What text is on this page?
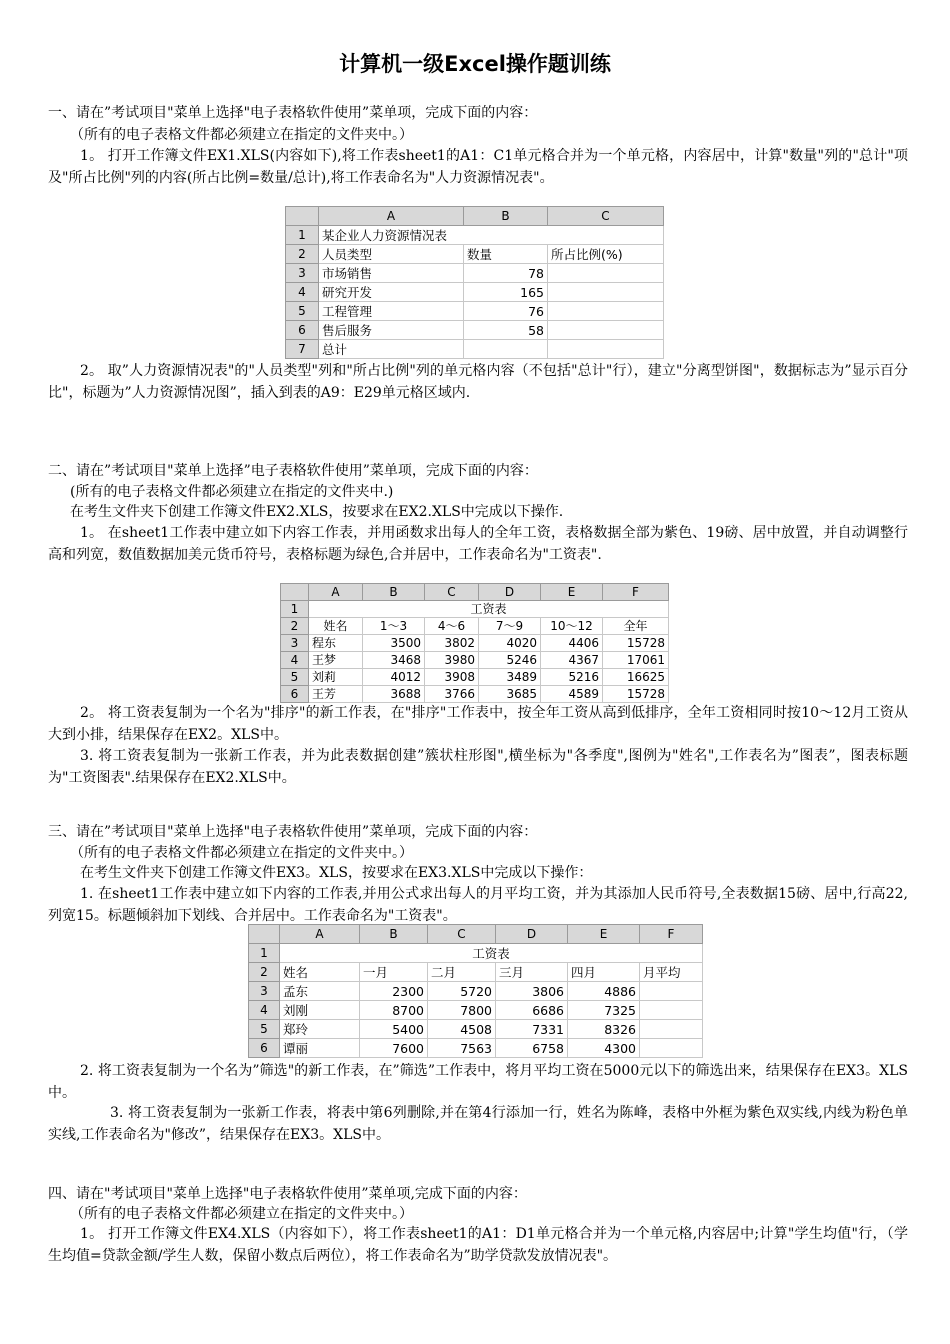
计算机一级Excel操作题训练
一、请在”考试项目"菜单上选择"电子表格软件使用”菜单项，完成下面的内容：
（所有的电子表格文件都必须建立在指定的文件夹中。）
1。 打开工作簿文件EX1.XLS(内容如下),将工作表sheet1的A1：C1单元格合并为一个单元格，内容居中，计算"数量"列的"总计"项及"所占比例"列的内容(所占比例=数量/总计),将工作表命名为"人力资源情况表"。
	A	B	C
1	某企业人力资源情况表		
2	人员类型	数量	所占比例(%)
3	市场销售	78	
4	研究开发	165	
5	工程管理	76	
6	售后服务	58	
7	总计		
2。 取”人力资源情况表"的"人员类型"列和"所占比例"列的单元格内容（不包括"总计"行），建立"分离型饼图"，数据标志为”显示百分比"，标题为”人力资源情况图”，插入到表的A9：E29单元格区域内.
二、请在”考试项目"菜单上选择”电子表格软件使用”菜单项，完成下面的内容：
(所有的电子表格文件都必须建立在指定的文件夹中.)
在考生文件夹下创建工作簿文件EX2.XLS，按要求在EX2.XLS中完成以下操作.
1。 在sheet1工作表中建立如下内容工作表，并用函数求出每人的全年工资，表格数据全部为紫色、19磅、居中放置，并自动调整行高和列宽，数值数据加美元货币符号，表格标题为绿色,合并居中，工作表命名为"工资表".
	A	B	C	D	E	F
1	工资表					
2	姓名	1～3	4～6	7～9	10～12	全年
3	程东	3500	3802	4020	4406	15728
4	王梦	3468	3980	5246	4367	17061
5	刘莉	4012	3908	3489	5216	16625
6	王芳	3688	3766	3685	4589	15728
2。 将工资表复制为一个名为"排序"的新工作表，在"排序"工作表中，按全年工资从高到低排序，全年工资相同时按10～12月工资从大到小排，结果保存在EX2。XLS中。
3. 将工资表复制为一张新工作表，并为此表数据创建”簇状柱形图",横坐标为"各季度",图例为"姓名",工作表名为”图表”，图表标题为"工资图表".结果保存在EX2.XLS中。
三、请在”考试项目"菜单上选择"电子表格软件使用”菜单项，完成下面的内容：
（所有的电子表格文件都必须建立在指定的文件夹中。）
在考生文件夹下创建工作簿文件EX3。XLS，按要求在EX3.XLS中完成以下操作：
1. 在sheet1工作表中建立如下内容的工作表,并用公式求出每人的月平均工资，并为其添加人民币符号,全表数据15磅、居中,行高22,列宽15。标题倾斜加下划线、合并居中。工作表命名为"工资表"。
	A	B	C	D	E	F
1	工资表					
2	姓名	一月	二月	三月	四月	月平均
3	孟东	2300	5720	3806	4886	
4	刘刚	8700	7800	6686	7325	
5	郑玲	5400	4508	7331	8326	
6	谭丽	7600	7563	6758	4300	
2. 将工资表复制为一个名为”筛选"的新工作表，在”筛选”工作表中，将月平均工资在5000元以下的筛选出来，结果保存在EX3。XLS中。
3. 将工资表复制为一张新工作表，将表中第6列删除,并在第4行添加一行，姓名为陈峰，表格中外框为紫色双实线,内线为粉色单实线,工作表命名为"修改”，结果保存在EX3。XLS中。
四、请在"考试项目"菜单上选择"电子表格软件使用”菜单项,完成下面的内容：
（所有的电子表格文件都必须建立在指定的文件夹中。）
1。 打开工作簿文件EX4.XLS（内容如下），将工作表sheet1的A1：D1单元格合并为一个单元格,内容居中;计算"学生均值"行，（学生均值=贷款金额/学生人数，保留小数点后两位），将工作表命名为”助学贷款发放情况表"。
